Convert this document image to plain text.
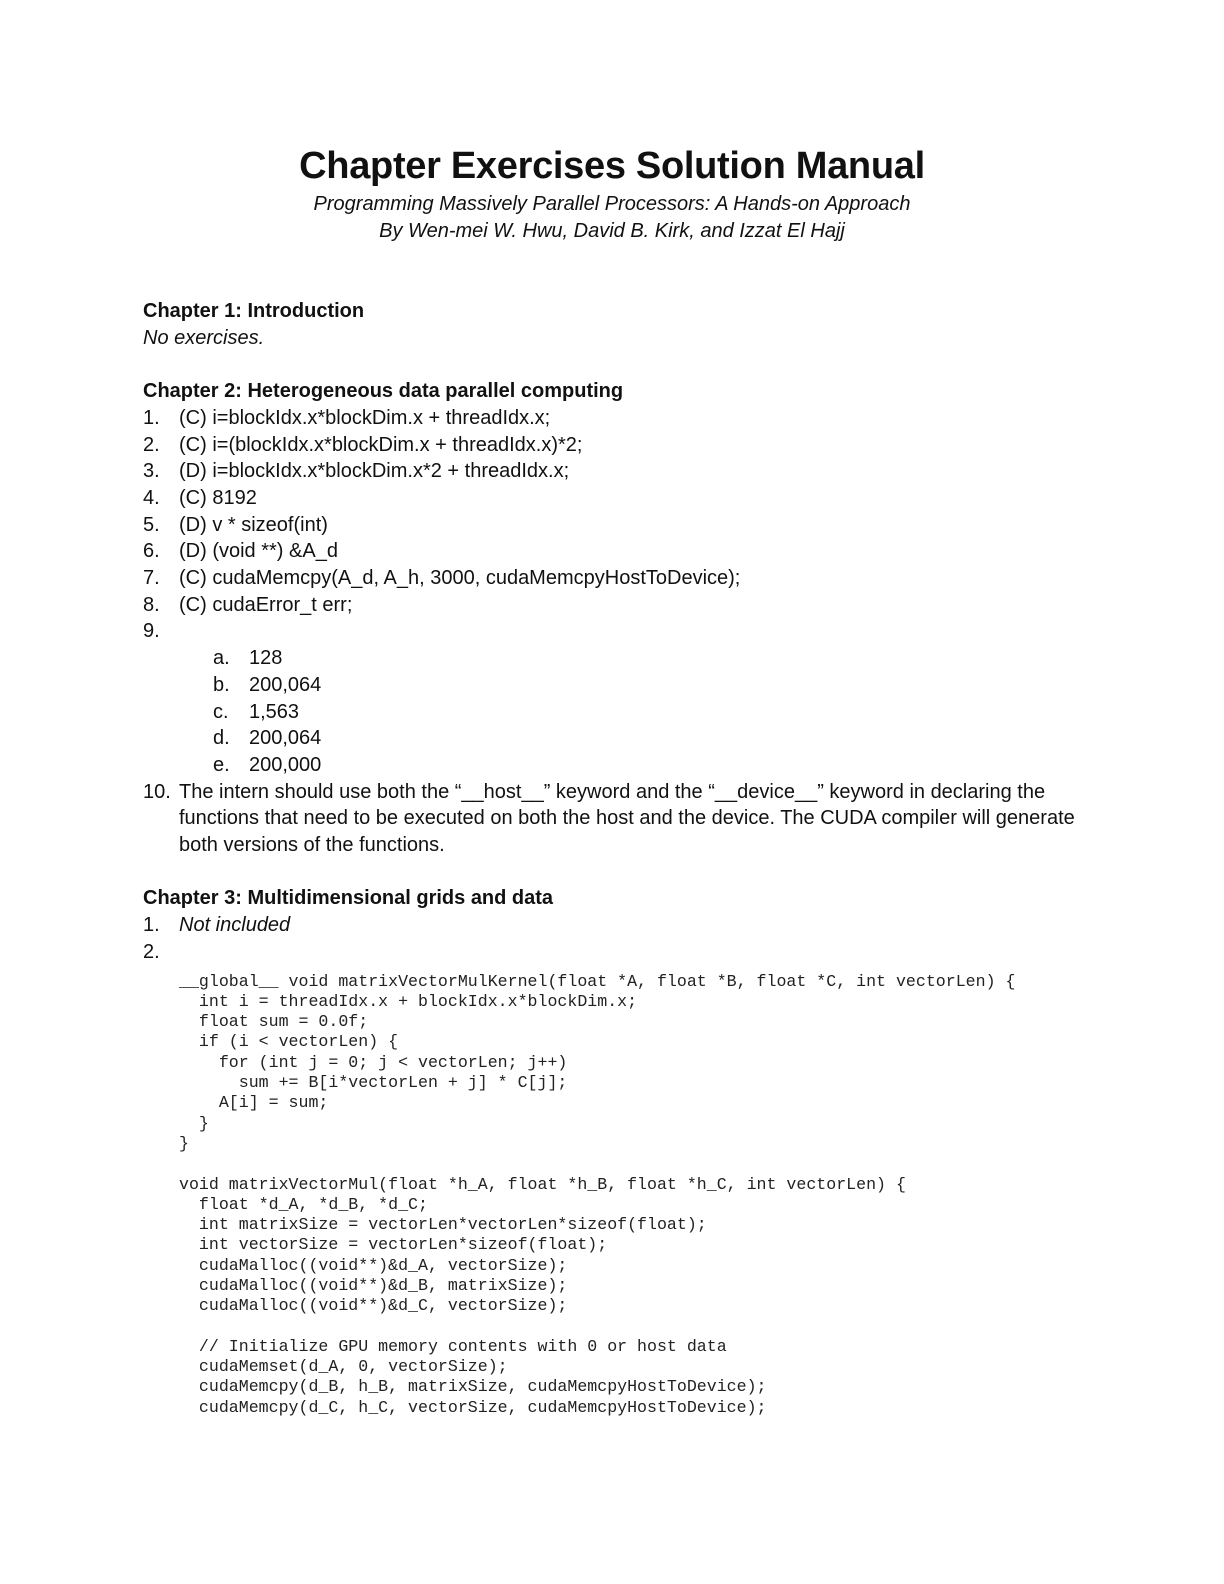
Chapter Exercises Solution Manual
Programming Massively Parallel Processors: A Hands-on Approach
By Wen-mei W. Hwu, David B. Kirk, and Izzat El Hajj
Chapter 1: Introduction
No exercises.
Chapter 2: Heterogeneous data parallel computing
1. (C) i=blockIdx.x*blockDim.x + threadIdx.x;
2. (C) i=(blockIdx.x*blockDim.x + threadIdx.x)*2;
3. (D) i=blockIdx.x*blockDim.x*2 + threadIdx.x;
4. (C) 8192
5. (D) v * sizeof(int)
6. (D) (void **) &A_d
7. (C) cudaMemcpy(A_d, A_h, 3000, cudaMemcpyHostToDevice);
8. (C) cudaError_t err;
9.
a. 128
b. 200,064
c.	1,563
d. 200,064
e. 200,000
10. The intern should use both the “__host__” keyword and the “__device__” keyword in declaring the functions that need to be executed on both the host and the device. The CUDA compiler will generate both versions of the functions.
Chapter 3: Multidimensional grids and data
1. Not included
2.
__global__ void matrixVectorMulKernel(float *A, float *B, float *C, int vectorLen) {
int i = threadIdx.x + blockIdx.x*blockDim.x;
float sum = 0.0f;
if (i < vectorLen) {
for (int j = 0; j < vectorLen; j++)
sum += B[i*vectorLen + j] * C[j];
A[i] = sum;
}
}

void matrixVectorMul(float *h_A, float *h_B, float *h_C, int vectorLen) {
float *d_A, *d_B, *d_C;
int matrixSize = vectorLen*vectorLen*sizeof(float);
int vectorSize = vectorLen*sizeof(float);
cudaMalloc((void**)&d_A, vectorSize);
cudaMalloc((void**)&d_B, matrixSize);
cudaMalloc((void**)&d_C, vectorSize);

// Initialize GPU memory contents with 0 or host data
cudaMemset(d_A, 0, vectorSize);
cudaMemcpy(d_B, h_B, matrixSize, cudaMemcpyHostToDevice);
cudaMemcpy(d_C, h_C, vectorSize, cudaMemcpyHostToDevice);
